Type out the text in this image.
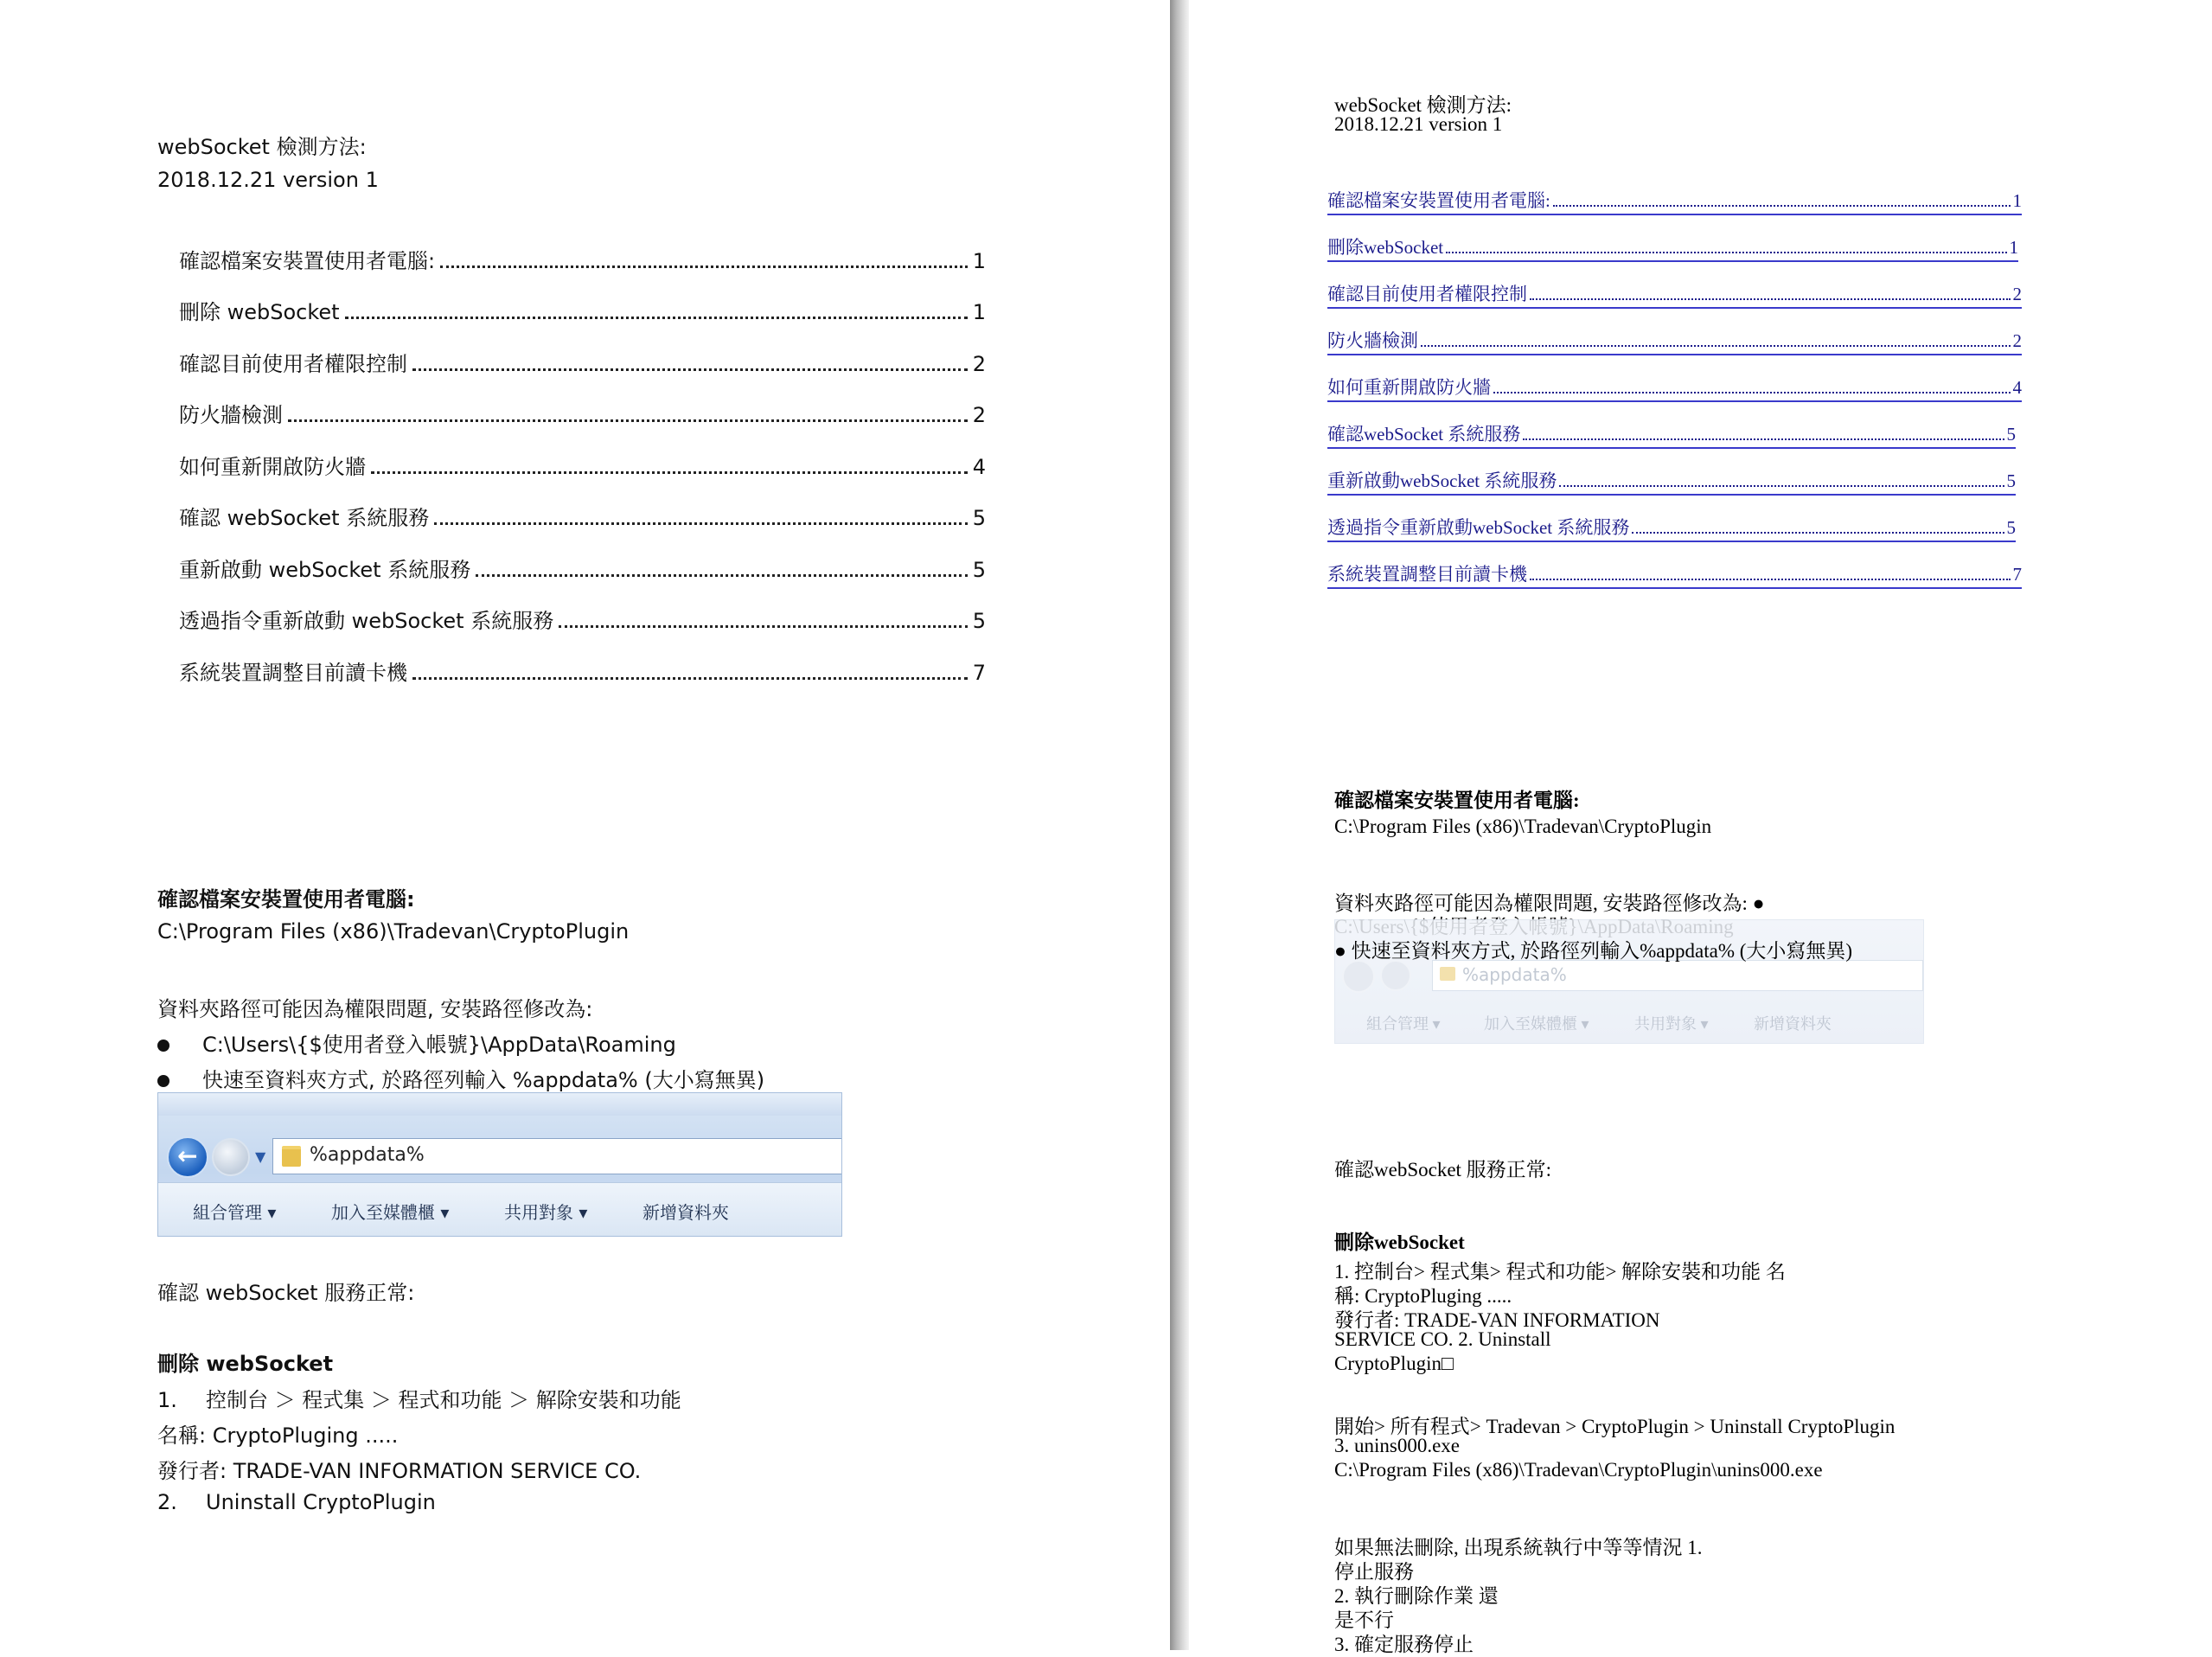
webSocket 檢測方法:
2018.12.21 version 1
確認檔案安裝置使用者電腦:	1
刪除 webSocket	1
確認目前使用者權限控制	2
防火牆檢測	2
如何重新開啟防火牆	4
確認 webSocket 系統服務	5
重新啟動 webSocket 系統服務	5
透過指令重新啟動 webSocket 系統服務	5
系統裝置調整目前讀卡機	7
確認檔案安裝置使用者電腦:
C:\Program Files (x86)\Tradevan\CryptoPlugin
資料夾路徑可能因為權限問題, 安裝路徑修改為:
C:\Users\{$使用者登入帳號}\AppData\Roaming
快速至資料夾方式, 於路徑列輸入 %appdata% (大小寫無異)
←	▼ %appdata%
組合管理 ▾	加入至媒體櫃 ▾	共用對象 ▾	新增資料夾
確認 webSocket 服務正常:
刪除 webSocket
1. 控制台 ＞ 程式集 ＞ 程式和功能 ＞ 解除安裝和功能
名稱: CryptoPluging .....
發行者: TRADE-VAN INFORMATION SERVICE CO.
2. Uninstall CryptoPlugin
webSocket 檢測方法:
2018.12.21 version 1
確認檔案安裝置使用者電腦:	1
刪除webSocket	1
確認目前使用者權限控制	2
防火牆檢測	2
如何重新開啟防火牆	4
確認webSocket 系統服務	5
重新啟動webSocket 系統服務	5
透過指令重新啟動webSocket 系統服務	5
系統裝置調整目前讀卡機	7
確認檔案安裝置使用者電腦:
C:\Program Files (x86)\Tradevan\CryptoPlugin
資料夾路徑可能因為權限問題, 安裝路徑修改為: ●
%appdata%
組合管理 ▾	加入至媒體櫃 ▾	共用對象 ▾	新增資料夾
● 快速至資料夾方式, 於路徑列輸入%appdata% (大小寫無異)
確認webSocket 服務正常:
刪除webSocket
1. 控制台> 程式集> 程式和功能> 解除安裝和功能 名
稱: CryptoPluging .....
發行者: TRADE-VAN INFORMATION
SERVICE CO. 2. Uninstall
CryptoPlugin□
開始> 所有程式> Tradevan > CryptoPlugin > Uninstall CryptoPlugin
3. unins000.exe
C:\Program Files (x86)\Tradevan\CryptoPlugin\unins000.exe
如果無法刪除, 出現系統執行中等等情況 1.
停止服務
2. 執行刪除作業 還
是不行
3. 確定服務停止
